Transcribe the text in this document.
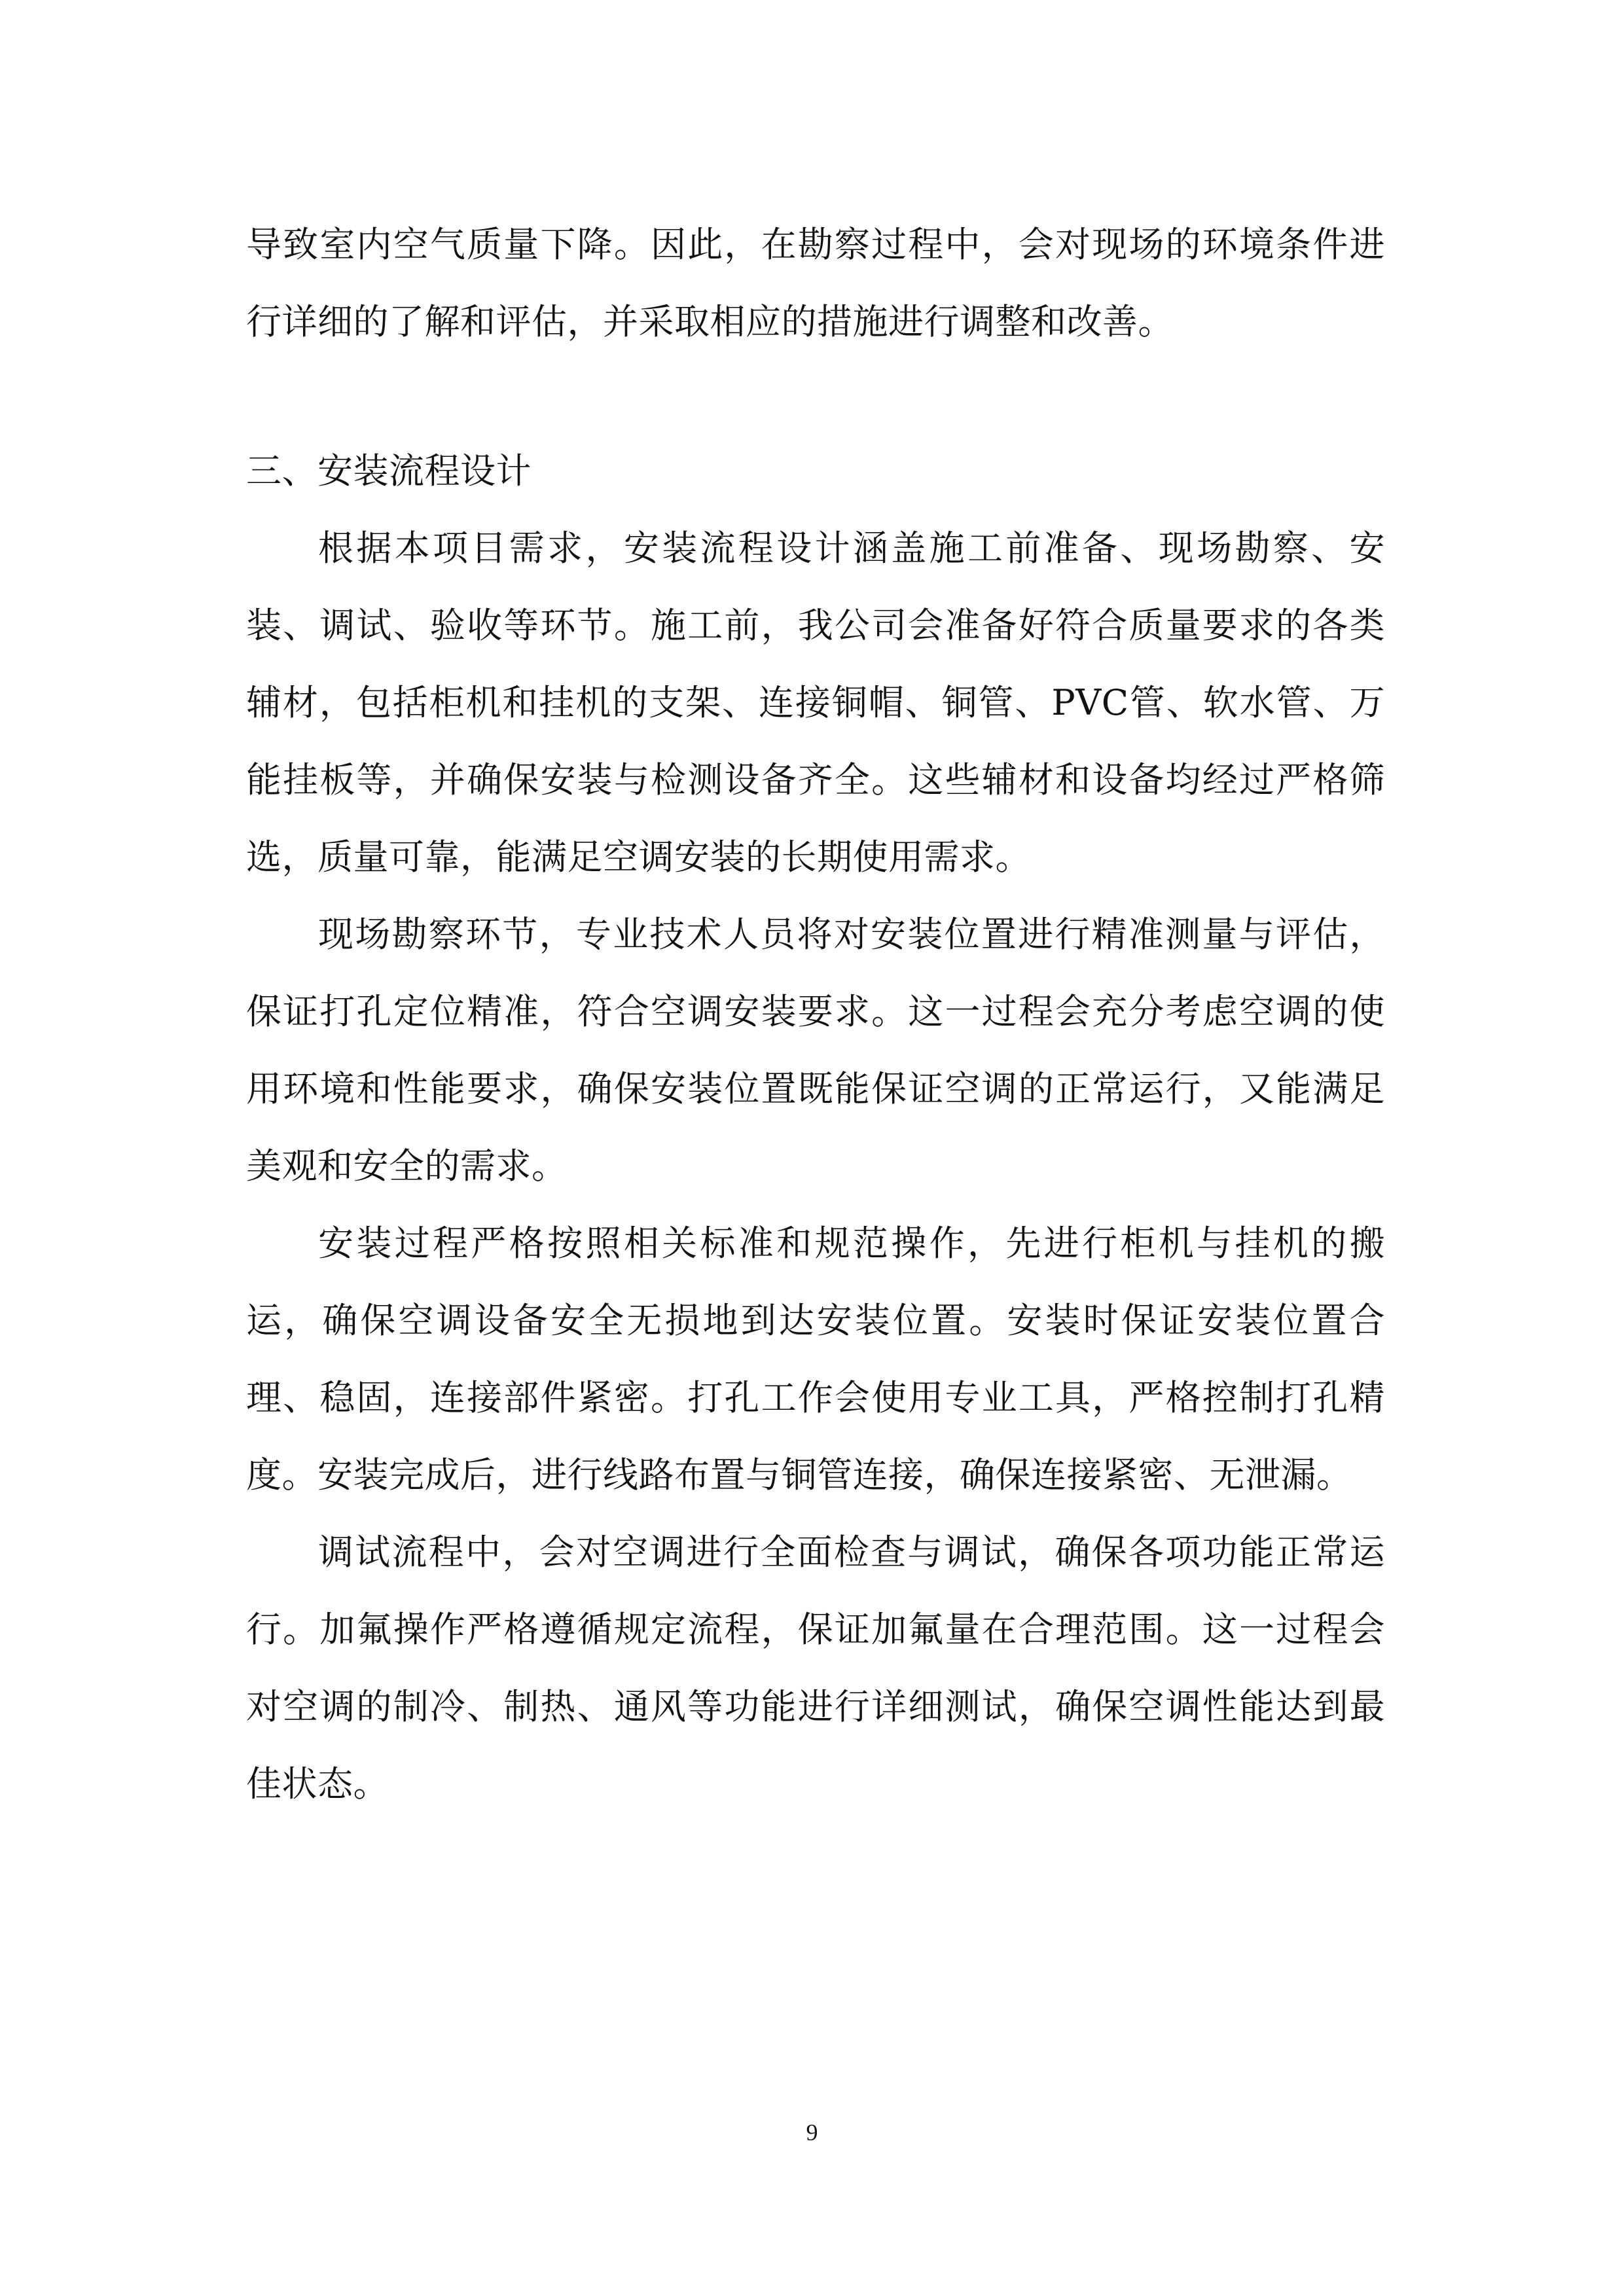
导致室内空气质量下降。因此，在勘察过程中，会对现场的环境条件进行详细的了解和评估，并采取相应的措施进行调整和改善。

三、安装流程设计

根据本项目需求，安装流程设计涵盖施工前准备、现场勘察、安装、调试、验收等环节。施工前，我公司会准备好符合质量要求的各类辅材，包括柜机和挂机的支架、连接铜帽、铜管、PVC管、软水管、万能挂板等，并确保安装与检测设备齐全。这些辅材和设备均经过严格筛选，质量可靠，能满足空调安装的长期使用需求。

现场勘察环节，专业技术人员将对安装位置进行精准测量与评估，保证打孔定位精准，符合空调安装要求。这一过程会充分考虑空调的使用环境和性能要求，确保安装位置既能保证空调的正常运行，又能满足美观和安全的需求。

安装过程严格按照相关标准和规范操作，先进行柜机与挂机的搬运，确保空调设备安全无损地到达安装位置。安装时保证安装位置合理、稳固，连接部件紧密。打孔工作会使用专业工具，严格控制打孔精度。安装完成后，进行线路布置与铜管连接，确保连接紧密、无泄漏。

调试流程中，会对空调进行全面检查与调试，确保各项功能正常运行。加氟操作严格遵循规定流程，保证加氟量在合理范围。这一过程会对空调的制冷、制热、通风等功能进行详细测试，确保空调性能达到最佳状态。

9
